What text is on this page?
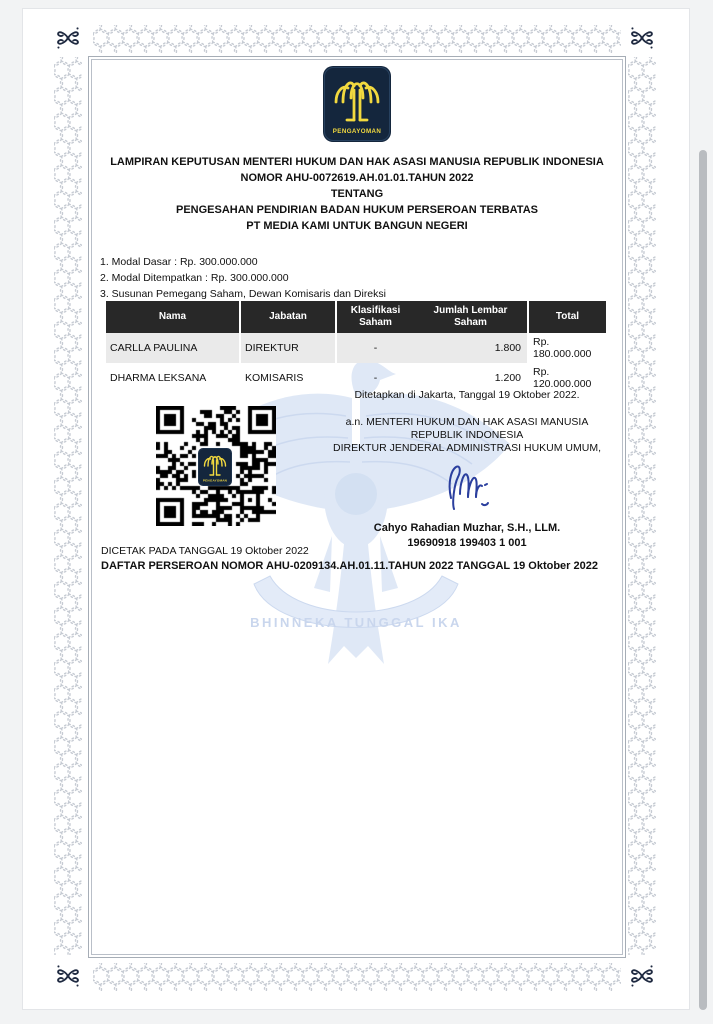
BHINNEKA TUNGGAL IKA
LAMPIRAN KEPUTUSAN MENTERI HUKUM DAN HAK ASASI MANUSIA REPUBLIK INDONESIA
NOMOR AHU-0072619.AH.01.01.TAHUN 2022
TENTANG
PENGESAHAN PENDIRIAN BADAN HUKUM PERSEROAN TERBATAS
PT MEDIA KAMI UNTUK BANGUN NEGERI
1. Modal Dasar : Rp. 300.000.000
2. Modal Ditempatkan : Rp. 300.000.000
3. Susunan Pemegang Saham, Dewan Komisaris dan Direksi
Nama	Jabatan	Klasifikasi Saham	Jumlah Lembar Saham	Total
CARLLA PAULINA	DIREKTUR	-	1.800	Rp. 180.000.000
DHARMA LEKSANA	KOMISARIS	-	1.200	Rp. 120.000.000
Ditetapkan di Jakarta, Tanggal 19 Oktober 2022.
a.n. MENTERI HUKUM DAN HAK ASASI MANUSIA
REPUBLIK INDONESIA
DIREKTUR JENDERAL ADMINISTRASI HUKUM UMUM,
Cahyo Rahadian Muzhar, S.H., LLM.
19690918 199403 1 001
DICETAK PADA TANGGAL 19 Oktober 2022
DAFTAR PERSEROAN NOMOR AHU-0209134.AH.01.11.TAHUN 2022 TANGGAL 19 Oktober 2022
